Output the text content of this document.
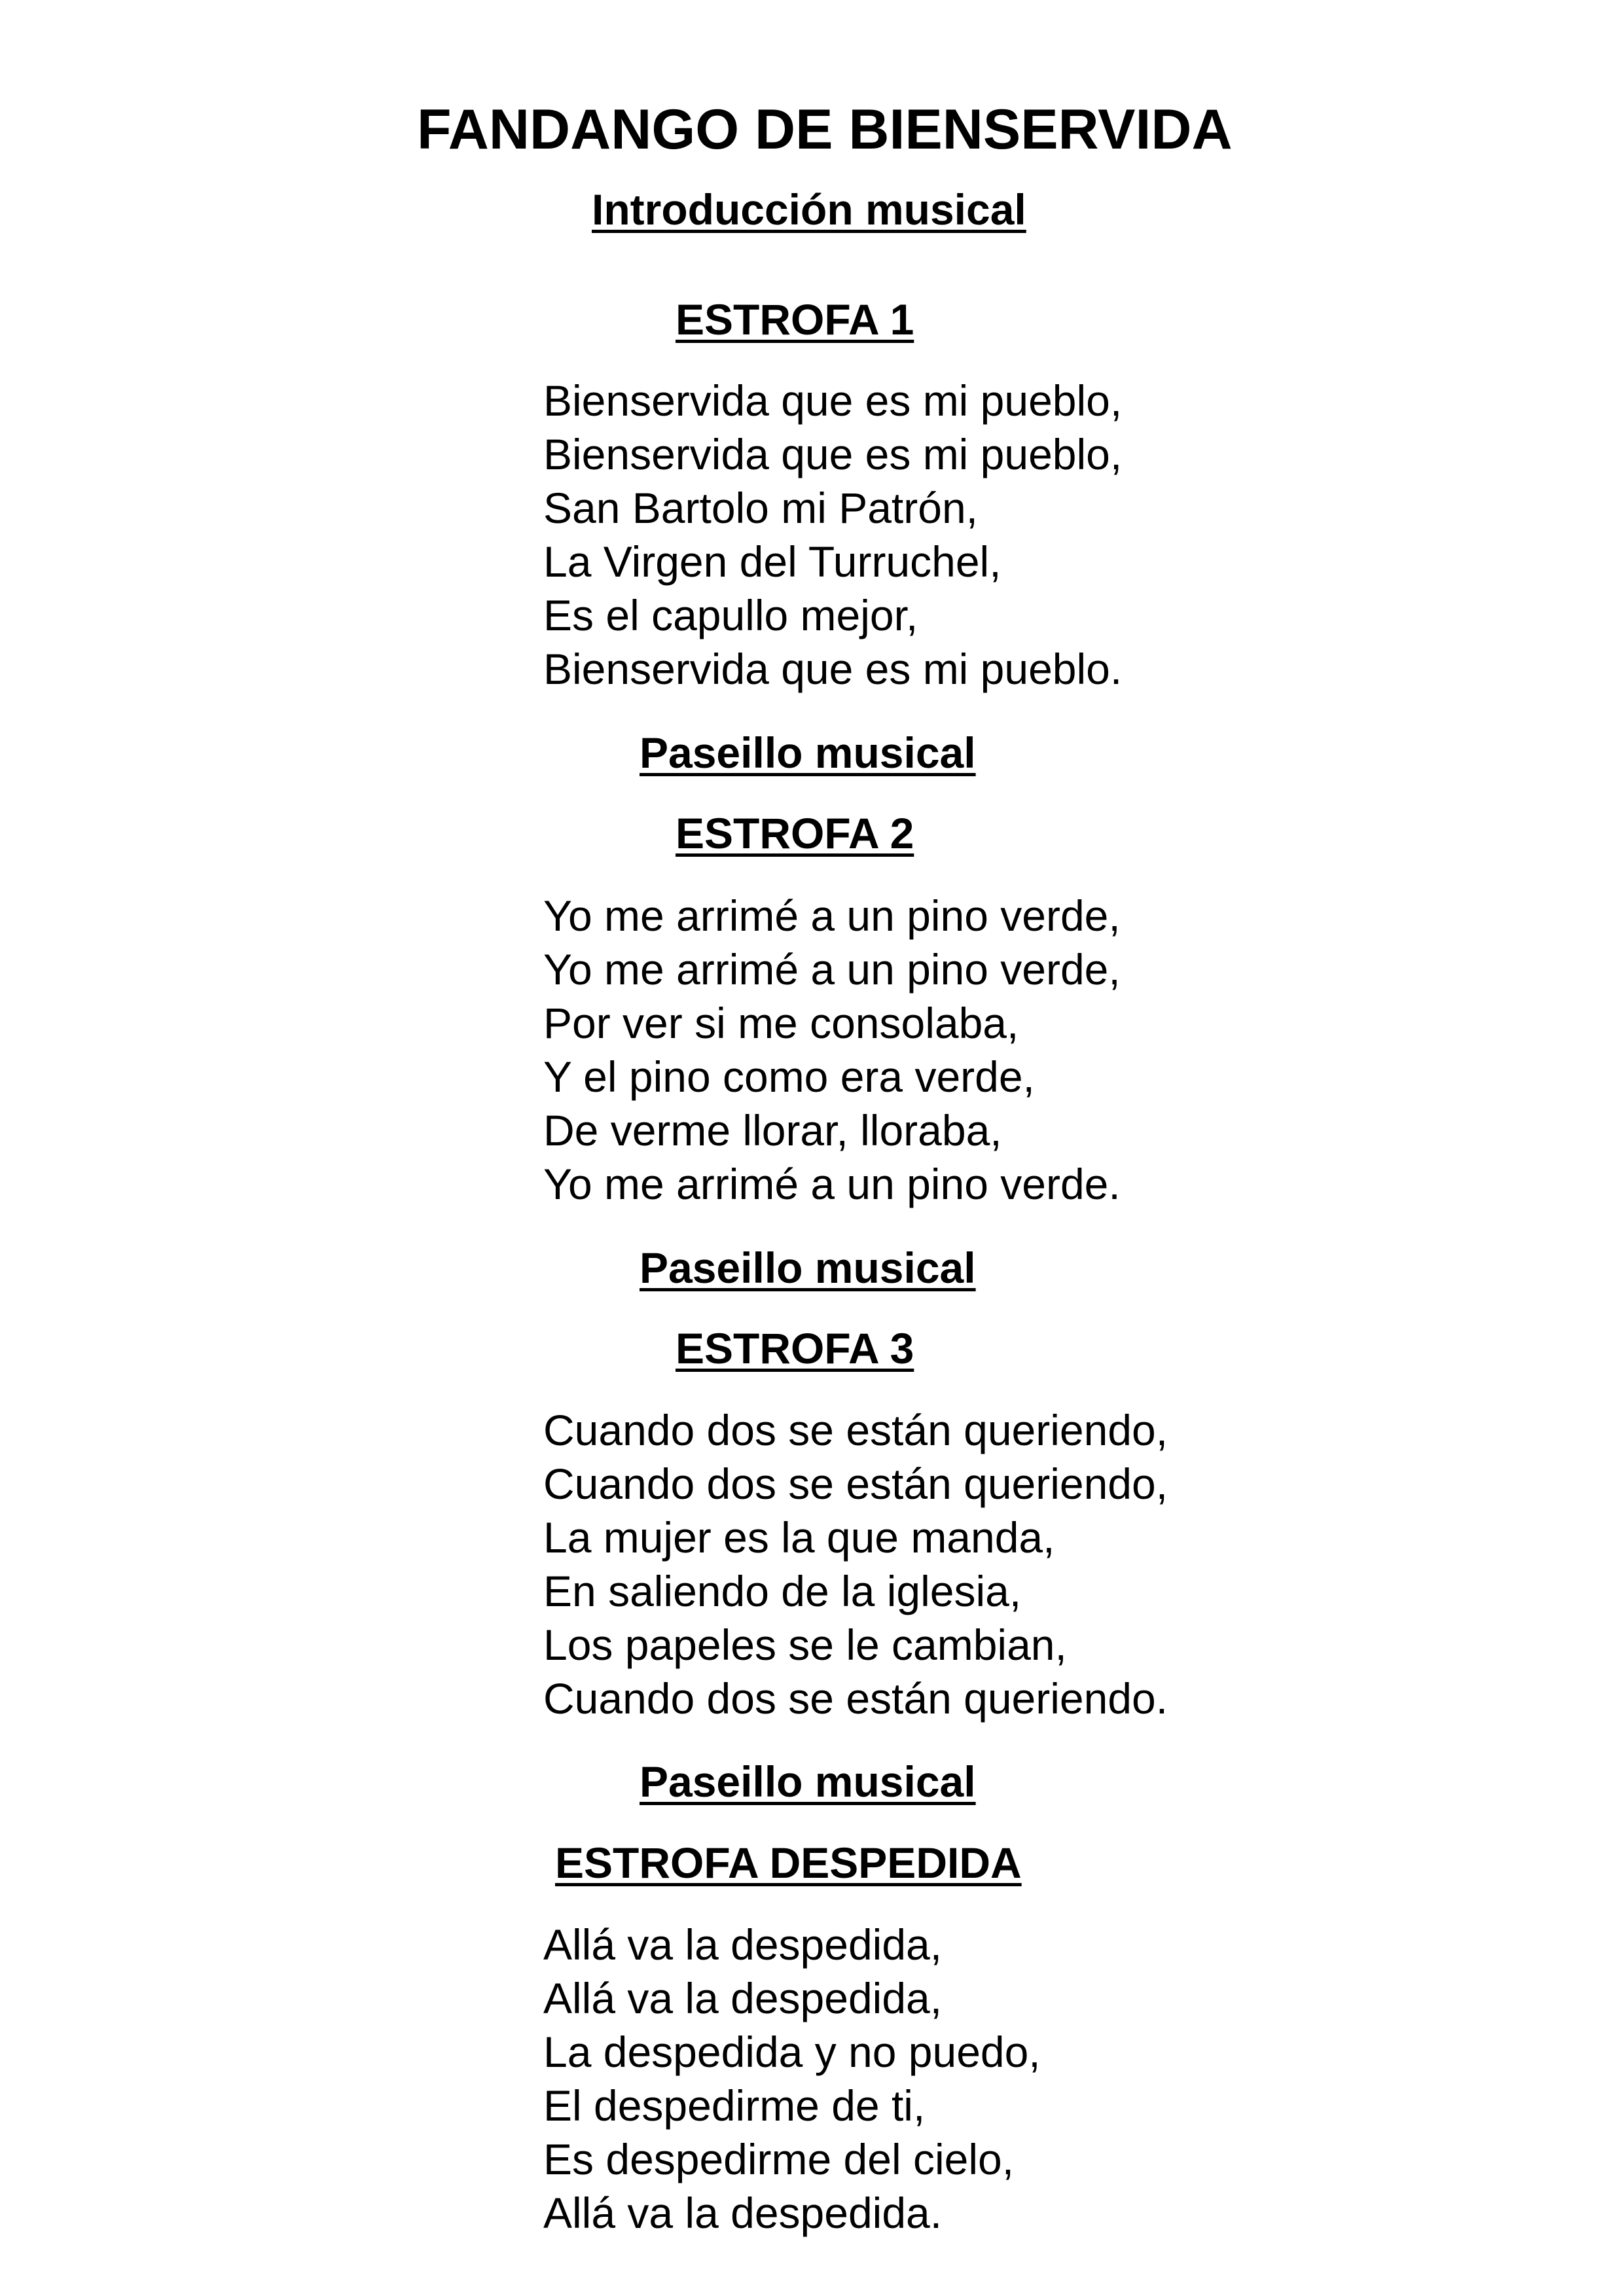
FANDANGO DE BIENSERVIDA
Introducción musical
ESTROFA 1
Bienservida que es mi pueblo,
Bienservida que es mi pueblo,
San Bartolo mi Patrón,
La Virgen del Turruchel,
Es el capullo mejor,
Bienservida que es mi pueblo.
Paseillo musical
ESTROFA 2
Yo me arrimé a un pino verde,
Yo me arrimé a un pino verde,
Por ver si me consolaba,
Y el pino como era verde,
De verme llorar, lloraba,
Yo me arrimé a un pino verde.
Paseillo musical
ESTROFA 3
Cuando dos se están queriendo,
Cuando dos se están queriendo,
La mujer es la que manda,
En saliendo de la iglesia,
Los papeles se le cambian,
Cuando dos se están queriendo.
Paseillo musical
ESTROFA DESPEDIDA
Allá va la despedida,
Allá va la despedida,
La despedida y no puedo,
El despedirme de ti,
Es despedirme del cielo,
Allá va la despedida.
